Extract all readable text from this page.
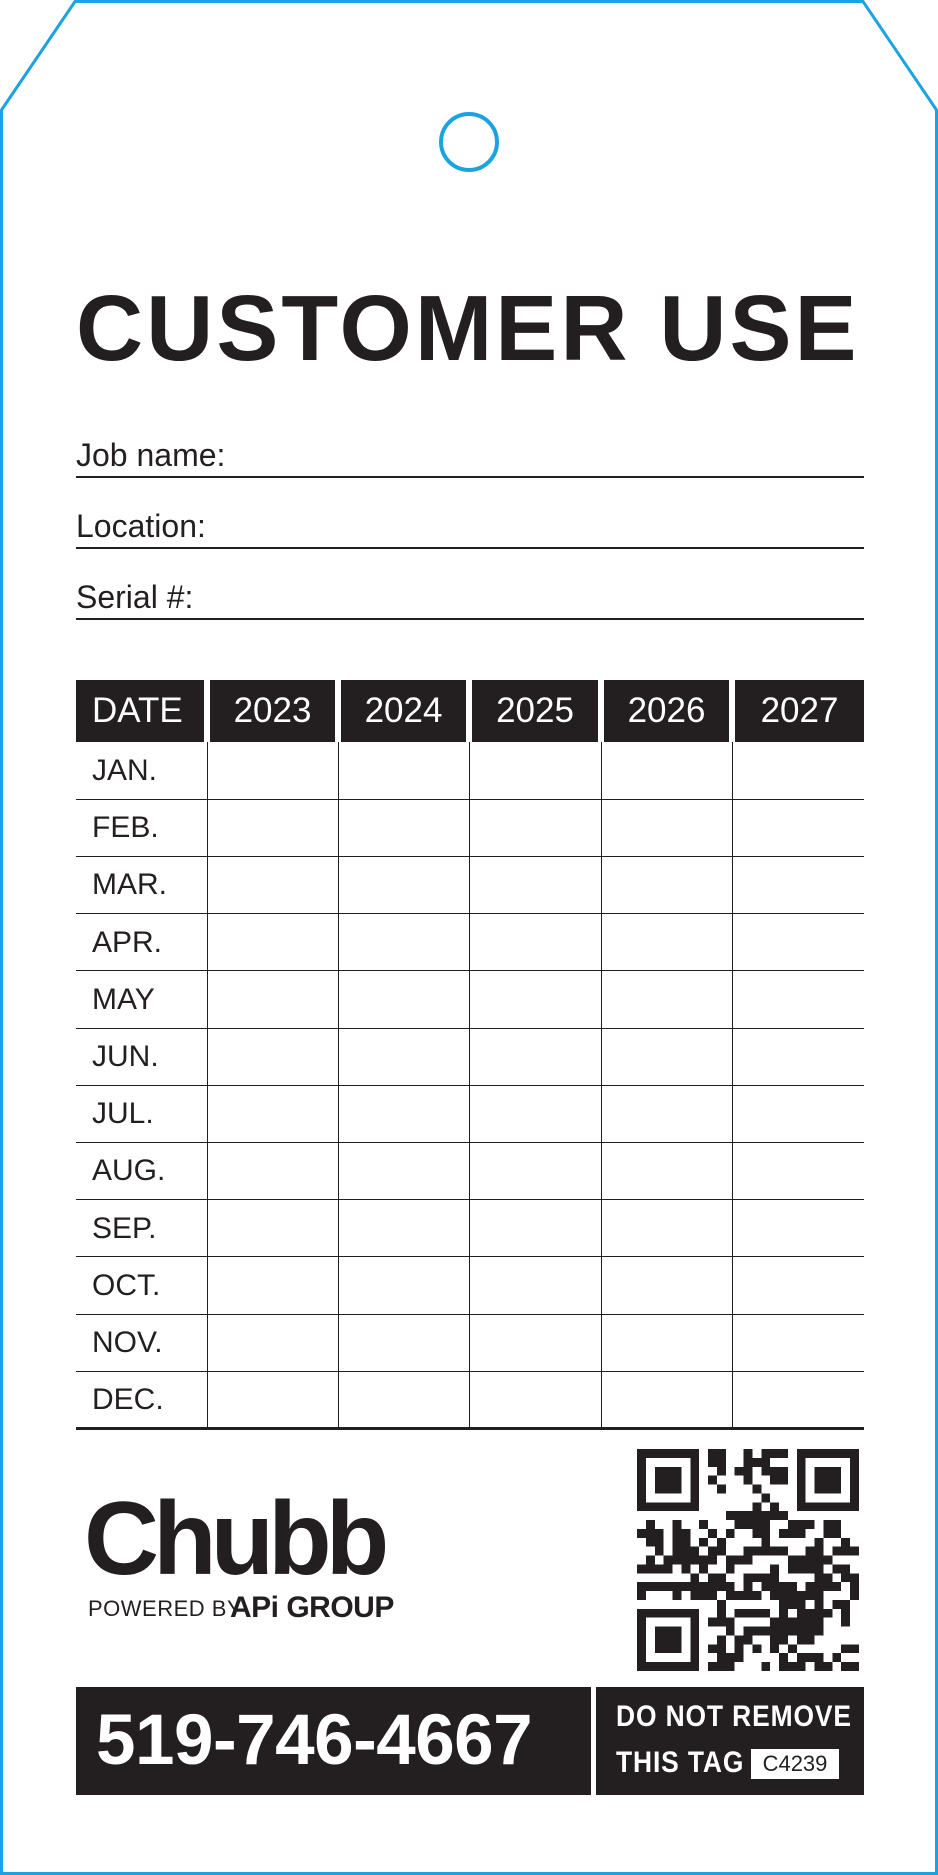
CUSTOMER USE
Job name:
Location:
Serial #:
DATE	2023	2024	2025	2026	2027
JAN.
FEB.
MAR.
APR.
MAY
JUN.
JUL.
AUG.
SEP.
OCT.
NOV.
DEC.
Chubb
POWERED BY
APi GROUP
519-746-4667	DO NOT REMOVE
THIS TAG C4239
